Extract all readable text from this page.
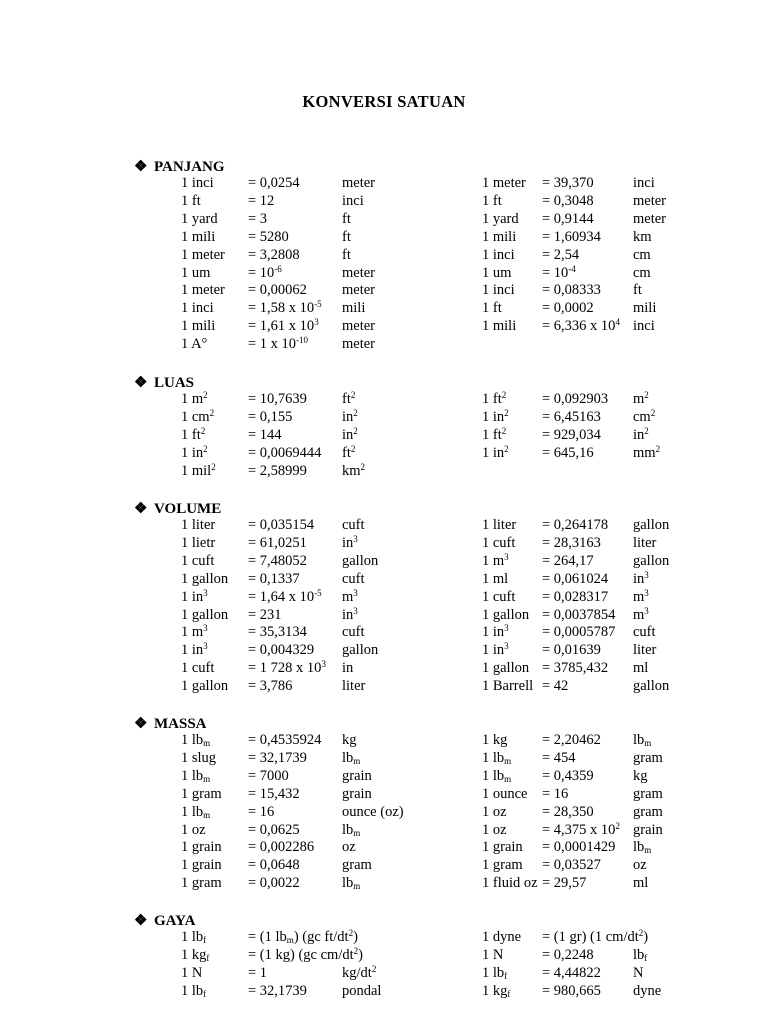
KONVERSI SATUAN
❖ PANJANG
1 inci = 0,0254	meter	1 meter = 39,370	inci
1 ft	= 12	inci	1 ft	= 0,3048	meter
1 yard = 3	ft	1 yard = 0,9144	meter
1 mili = 5280	ft	1 mili = 1,60934 km
1 meter = 3,2808	ft	1 inci = 2,54	cm
1 um	= $10^{-6}$	meter	1 um = $10^{-4}$	cm
1 meter = 0,00062 meter	1 inci = 0,08333 ft
1 inci = 1,58 x $10^{-5}$ mili	1 ft	= 0,0002	mili
1 mili = 1,61 x $10^3$ meter	1 mili = 6,336 x $10^4$ inci
1 A°	= 1 x $10^{-10}$ meter
❖ LUAS
1 $m^2$	= 10,7639 $ft^2$	1 $ft^2 = 0,092903$ $m^2$
1 $cm^2 = 0,155$	$in^2$	1 $in^2 = 6,45163$ $cm^2$
1 $ft^2$	= 144	$in^2$	1 $ft^2 = 929,034$ $in^2$
1 $in^2$	= 0,0069444 $ft^2$	1 $in^2 = 645,16$	$mm^2$
1 mil$^2$ = 2,58999 $km^2$
❖ VOLUME
1 liter = 0,035154 cuft	1 liter = 0,264178 gallon
1 lietr = 61,0251 $in^3$	1 cuft = 28,3163 liter
1 cuft = 7,48052 gallon	1 $m^3 = 264,17$	gallon
1 gallon = 0,1337	cuft	1 ml = 0,061024 $in^3$
1 $in^3$	= 1,64 x $10^{-5}$ $m^3$	1 cuft = 0,028317 $m^3$
1 gallon = 231	$in^3$	1 gallon = 0,0037854 $m^3$
1 $m^3$	= 35,3134 cuft	1 $in^3 = 0,0005787$ cuft
1 $in^3$	= 0,004329 gallon	1 $in^3 = 0,01639$ liter
1 cuft = 1 728 x $10^3$ in	1 gallon = 3785,432 ml
1 gallon = 3,786	liter	1 Barrell = 42	gallon
❖ MASSA
1 $lb_m$	= 0,4535924 kg	1 kg = 2,20462 $lb_m$
1 slug = 32,1739 $lb_m$	1 $lb_m = 454$	gram
1 $lb_m$	= 7000	grain	1 $lb_m = 0,4359$	kg
1 gram = 15,432	grain	1 ounce = 16	gram
1 $lb_m$	= 16	ounce (oz)	1 oz = 28,350	gram
1 oz	= 0,0625	$lb_m$	1 oz = 4,375 x $10^2$ grain
1 grain = 0,002286 oz	1 grain = 0,0001429 $lb_m$
1 grain = 0,0648	gram	1 gram = 0,03527 oz
1 gram = 0,0022	$lb_m$	1 fluid oz = 29,57	ml
❖ GAYA
1 $lb_f$	= (1 $lb_m$) (gc $ft/dt^2$)	1 dyne = (1 gr) (1 $cm/dt^2$)
1 $kg_f$	= (1 kg) (gc $cm/dt^2$)	1 N	= 0,2248	$lb_f$
1 N	= 1	$kg/dt^2$	1 $lb_f = 4,44822$ N
1 $lb_f$	= 32,1739 pondal	1 $kg_f = 980,665$ dyne
